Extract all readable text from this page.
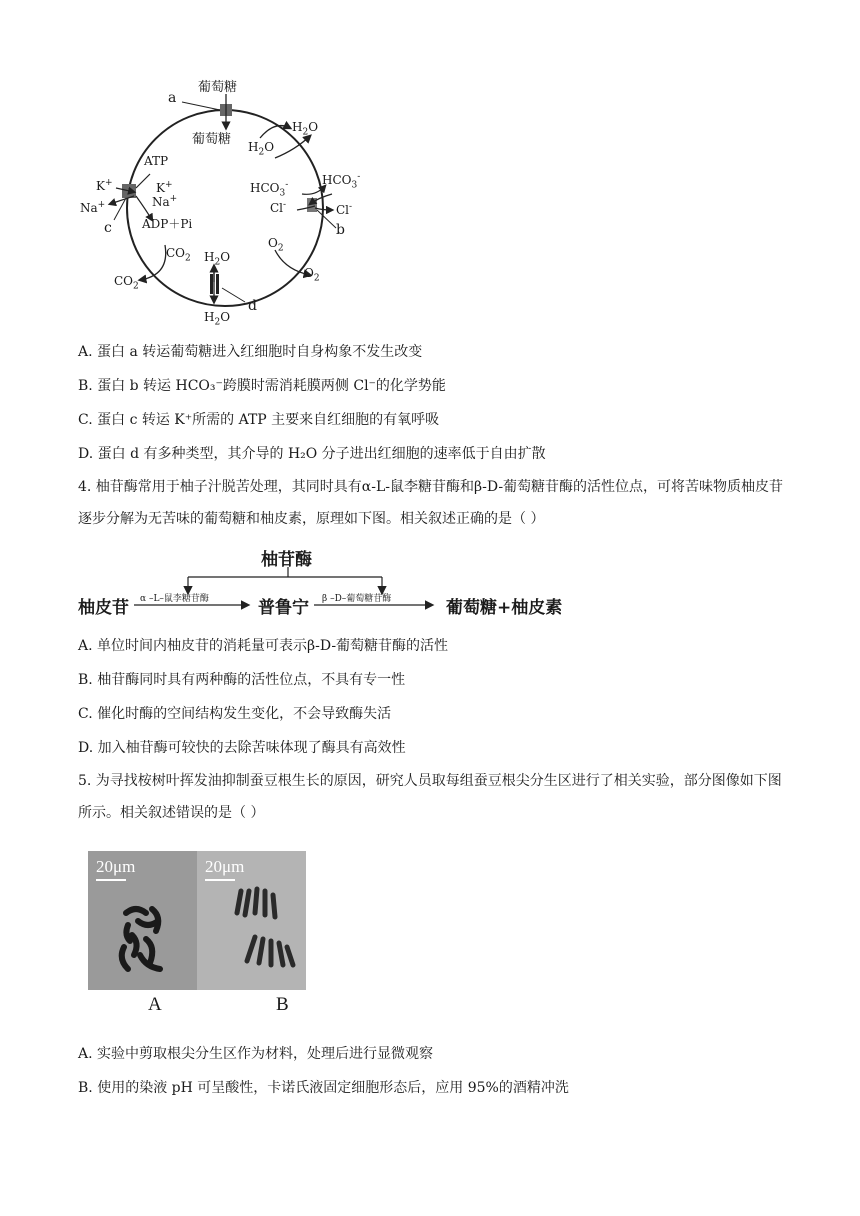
葡萄糖
葡萄糖
a
$H_2O$
$H_2O$
ATP
K+
Na+
K+
Na+
c	ADP＋Pi
$HCO_3^-$	$HCO_3^-$
Cl-	Cl-
b
$O_2$
$O_2$
$CO_2$
$CO_2$
$H_2O$
$H_2O$
d
A. 蛋白 a 转运葡萄糖进入红细胞时自身构象不发生改变
B. 蛋白 b 转运 HCO₃⁻跨膜时需消耗膜两侧 Cl⁻的化学势能
C. 蛋白 c 转运 K⁺所需的 ATP 主要来自红细胞的有氧呼吸
D. 蛋白 d 有多种类型，其介导的 H₂O 分子进出红细胞的速率低于自由扩散
4. 柚苷酶常用于柚子汁脱苦处理，其同时具有α-L-鼠李糖苷酶和β-D-葡萄糖苷酶的活性位点，可将苦味物质柚皮苷逐步分解为无苦味的葡萄糖和柚皮素，原理如下图。相关叙述正确的是（ ）
柚苷酶
柚皮苷 α –L–鼠李糖苷酶	普鲁宁 β –D–葡萄糖苷酶	葡萄糖+柚皮素
A. 单位时间内柚皮苷的消耗量可表示β-D-葡萄糖苷酶的活性
B. 柚苷酶同时具有两种酶的活性位点，不具有专一性
C. 催化时酶的空间结构发生变化，不会导致酶失活
D. 加入柚苷酶可较快的去除苦味体现了酶具有高效性
5. 为寻找桉树叶挥发油抑制蚕豆根生长的原因，研究人员取每组蚕豆根尖分生区进行了相关实验，部分图像如下图所示。相关叙述错误的是（ ）
20μm	20μm
A	B
A. 实验中剪取根尖分生区作为材料，处理后进行显微观察
B. 使用的染液 pH 可呈酸性，卡诺氏液固定细胞形态后，应用 95%的酒精冲洗
